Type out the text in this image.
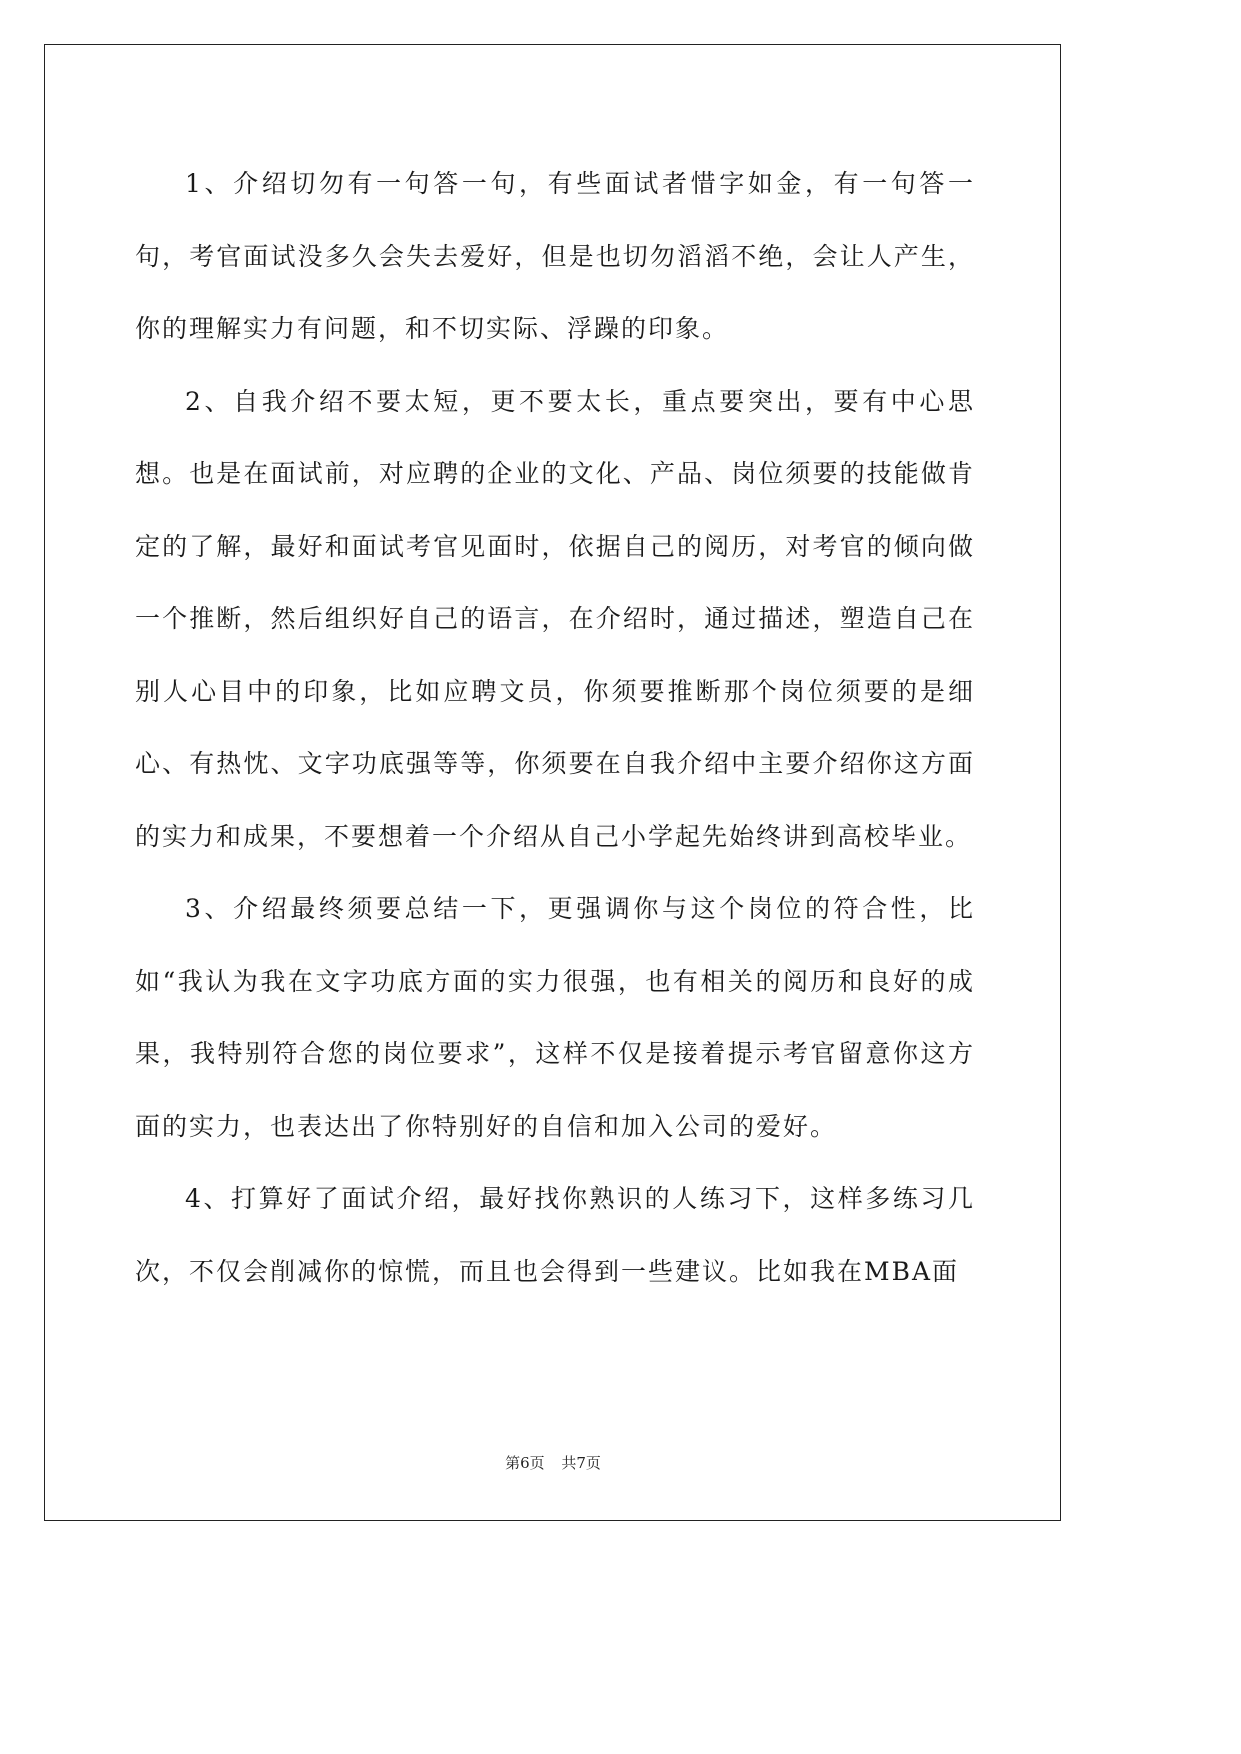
1、介绍切勿有一句答一句，有些面试者惜字如金，有一句答一句，考官面试没多久会失去爱好，但是也切勿滔滔不绝，会让人产生，你的理解实力有问题，和不切实际、浮躁的印象。

2、自我介绍不要太短，更不要太长，重点要突出，要有中心思想。也是在面试前，对应聘的企业的文化、产品、岗位须要的技能做肯定的了解，最好和面试考官见面时，依据自己的阅历，对考官的倾向做一个推断，然后组织好自己的语言，在介绍时，通过描述，塑造自己在别人心目中的印象，比如应聘文员，你须要推断那个岗位须要的是细心、有热忱、文字功底强等等，你须要在自我介绍中主要介绍你这方面的实力和成果，不要想着一个介绍从自己小学起先始终讲到高校毕业。

3、介绍最终须要总结一下，更强调你与这个岗位的符合性，比如“我认为我在文字功底方面的实力很强，也有相关的阅历和良好的成果，我特别符合您的岗位要求”，这样不仅是接着提示考官留意你这方面的实力，也表达出了你特别好的自信和加入公司的爱好。

4、打算好了面试介绍，最好找你熟识的人练习下，这样多练习几次，不仅会削减你的惊慌，而且也会得到一些建议。比如我在MBA面

第6页 共7页
